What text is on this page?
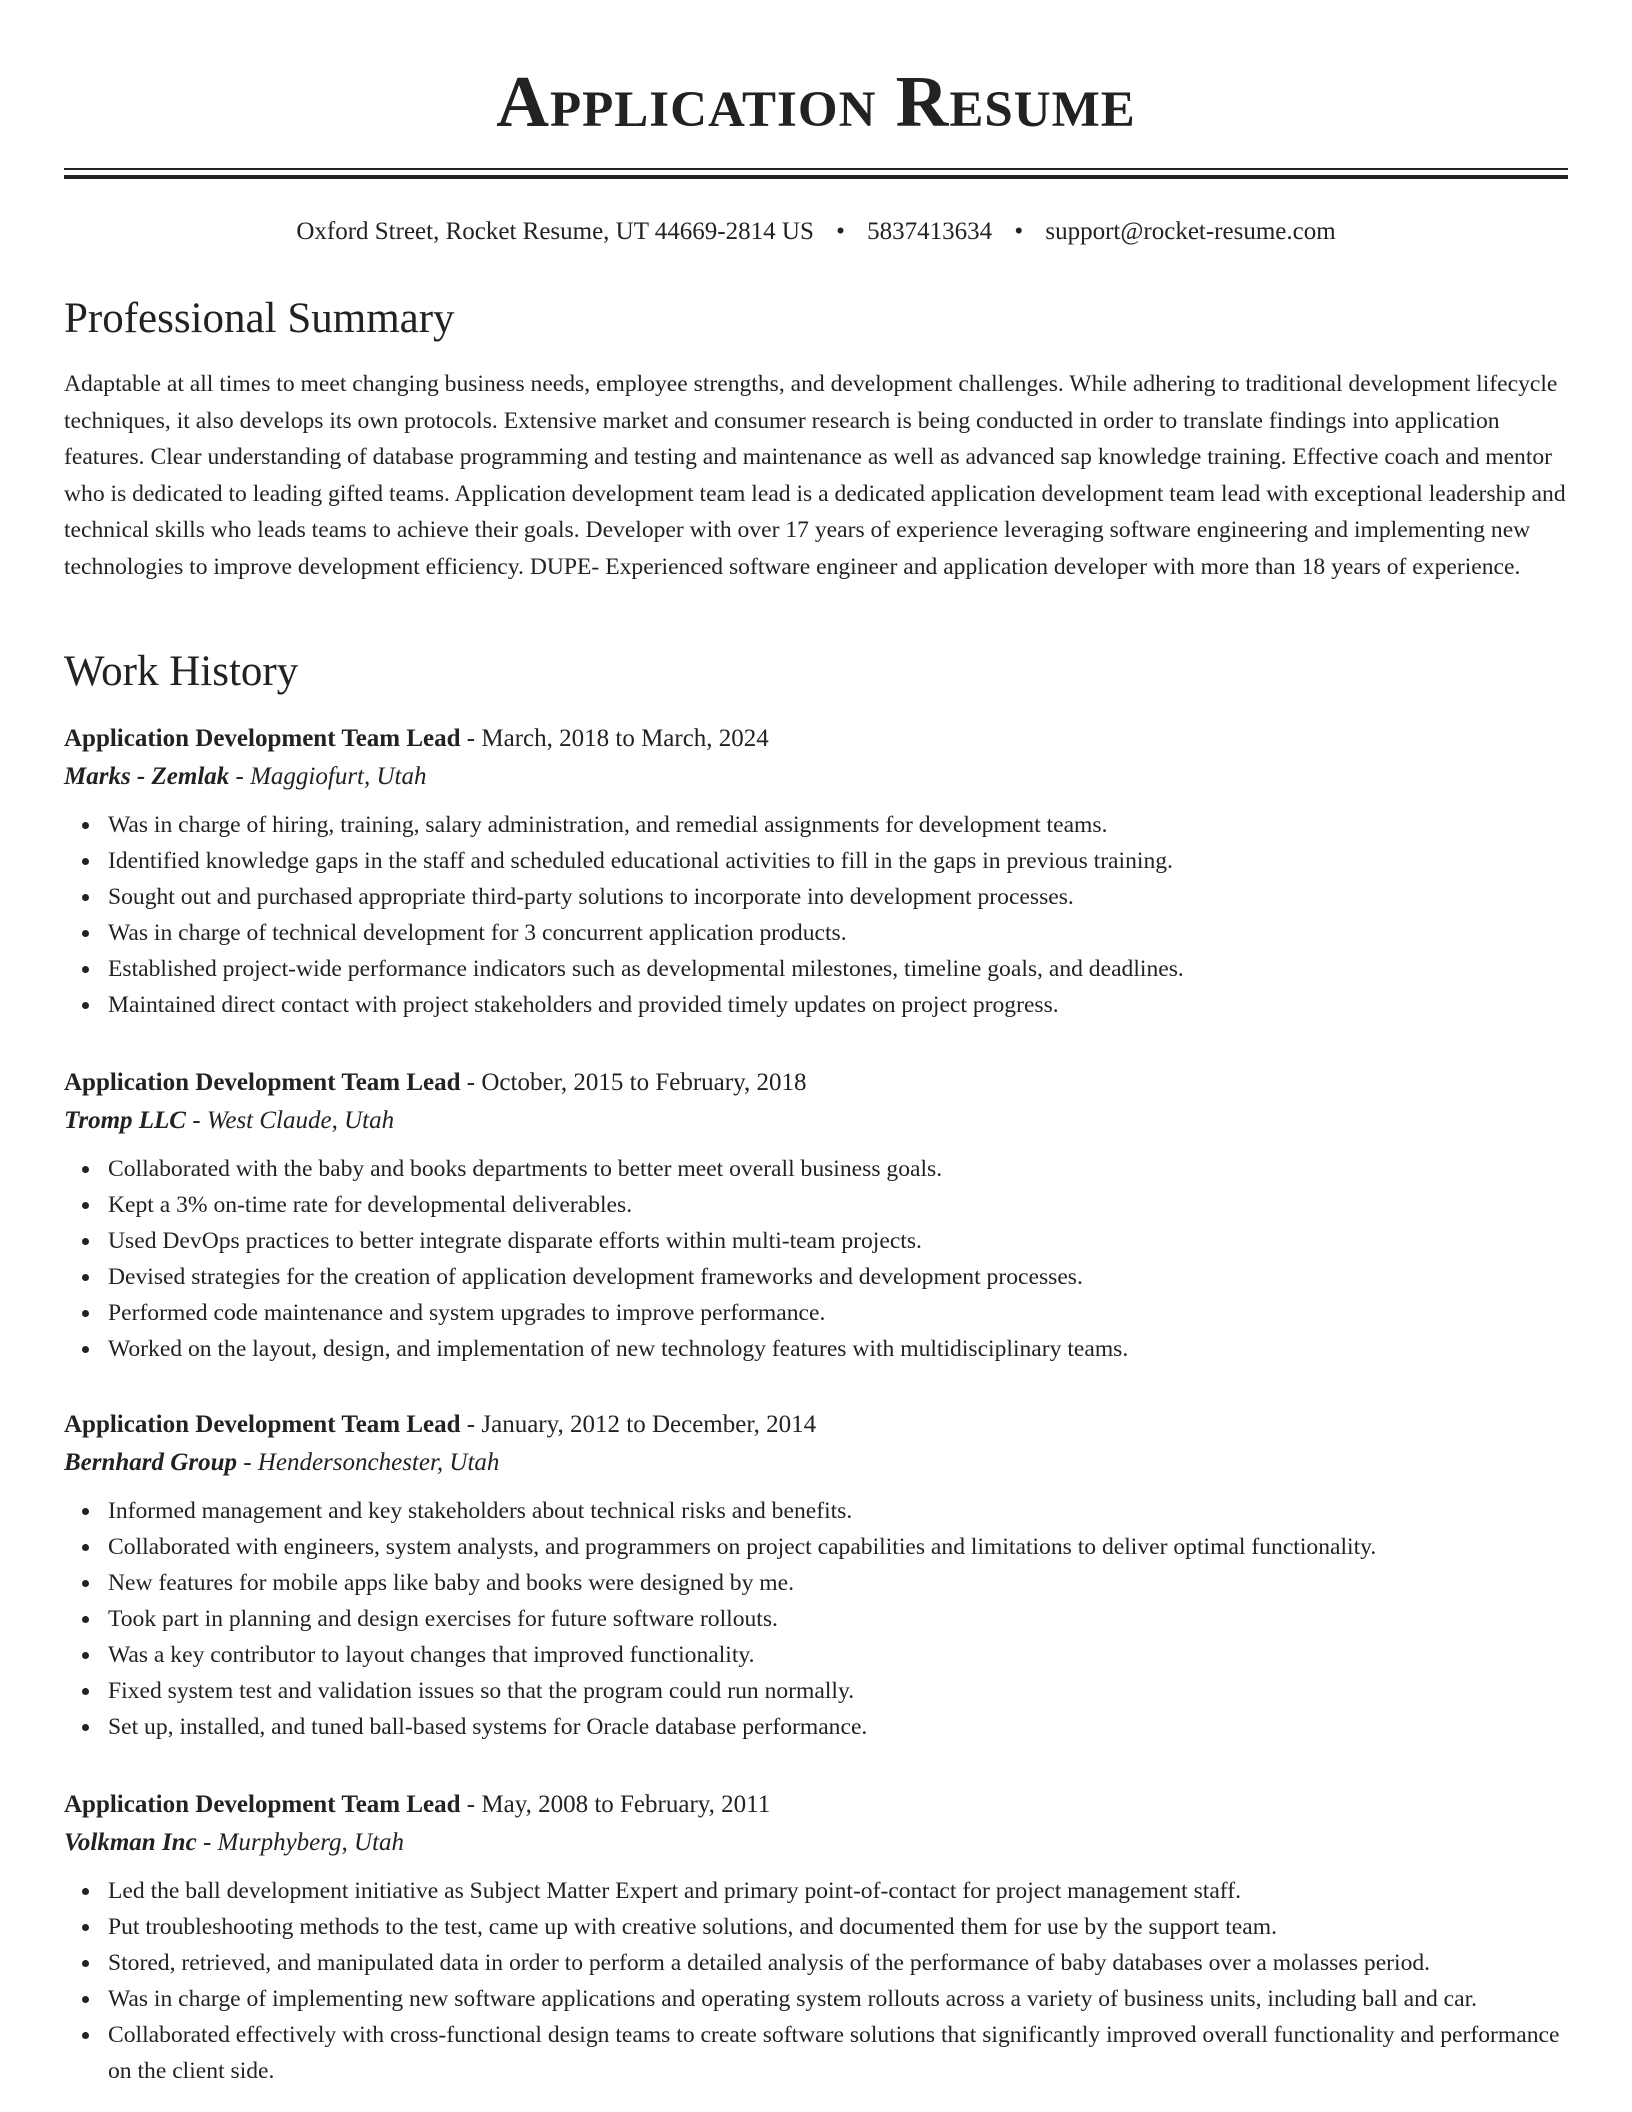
Application Resume
Oxford Street, Rocket Resume, UT 44669-2814 US • 5837413634 • support@rocket-resume.com
Professional Summary

Adaptable at all times to meet changing business needs, employee strengths, and development challenges. While adhering to traditional development lifecycle techniques, it also develops its own protocols. Extensive market and consumer research is being conducted in order to translate findings into application features. Clear understanding of database programming and testing and maintenance as well as advanced sap knowledge training. Effective coach and mentor who is dedicated to leading gifted teams. Application development team lead is a dedicated application development team lead with exceptional leadership and technical skills who leads teams to achieve their goals. Developer with over 17 years of experience leveraging software engineering and implementing new technologies to improve development efficiency. DUPE- Experienced software engineer and application developer with more than 18 years of experience.

Work History
Application Development Team Lead - March, 2018 to March, 2024
Marks - Zemlak - Maggiofurt, Utah
Was in charge of hiring, training, salary administration, and remedial assignments for development teams.
Identified knowledge gaps in the staff and scheduled educational activities to fill in the gaps in previous training.
Sought out and purchased appropriate third-party solutions to incorporate into development processes.
Was in charge of technical development for 3 concurrent application products.
Established project-wide performance indicators such as developmental milestones, timeline goals, and deadlines.
Maintained direct contact with project stakeholders and provided timely updates on project progress.
Application Development Team Lead - October, 2015 to February, 2018
Tromp LLC - West Claude, Utah
Collaborated with the baby and books departments to better meet overall business goals.
Kept a 3% on-time rate for developmental deliverables.
Used DevOps practices to better integrate disparate efforts within multi-team projects.
Devised strategies for the creation of application development frameworks and development processes.
Performed code maintenance and system upgrades to improve performance.
Worked on the layout, design, and implementation of new technology features with multidisciplinary teams.
Application Development Team Lead - January, 2012 to December, 2014
Bernhard Group - Hendersonchester, Utah
Informed management and key stakeholders about technical risks and benefits.
Collaborated with engineers, system analysts, and programmers on project capabilities and limitations to deliver optimal functionality.
New features for mobile apps like baby and books were designed by me.
Took part in planning and design exercises for future software rollouts.
Was a key contributor to layout changes that improved functionality.
Fixed system test and validation issues so that the program could run normally.
Set up, installed, and tuned ball-based systems for Oracle database performance.
Application Development Team Lead - May, 2008 to February, 2011
Volkman Inc - Murphyberg, Utah
Led the ball development initiative as Subject Matter Expert and primary point-of-contact for project management staff.
Put troubleshooting methods to the test, came up with creative solutions, and documented them for use by the support team.
Stored, retrieved, and manipulated data in order to perform a detailed analysis of the performance of baby databases over a molasses period.
Was in charge of implementing new software applications and operating system rollouts across a variety of business units, including ball and car.
Collaborated effectively with cross-functional design teams to create software solutions that significantly improved overall functionality and performance on the client side.
